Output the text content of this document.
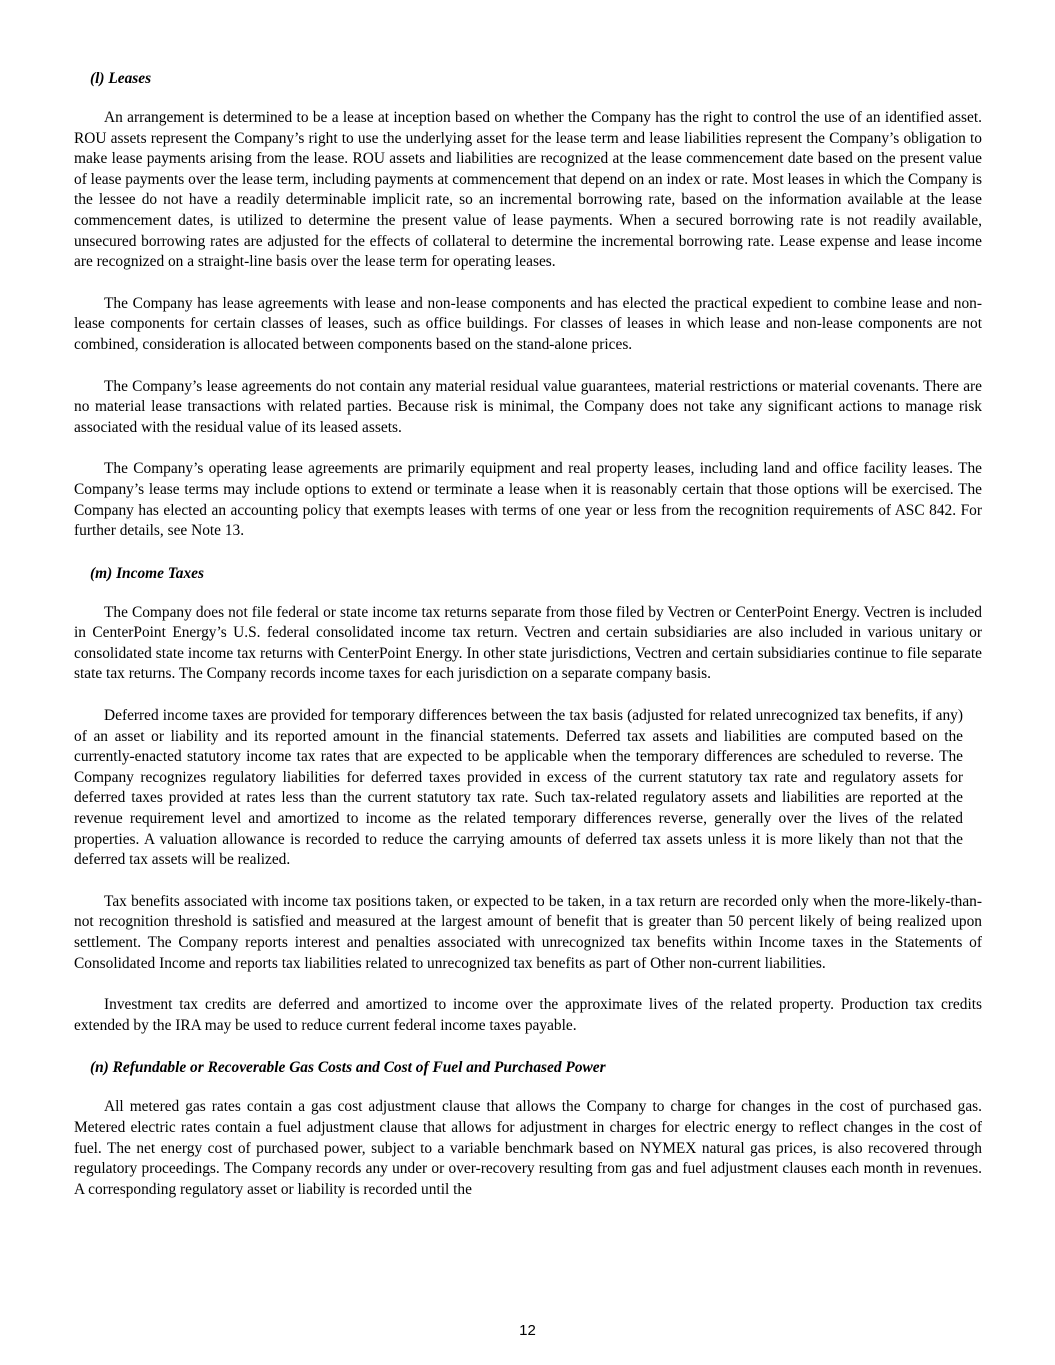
(l) Leases

An arrangement is determined to be a lease at inception based on whether the Company has the right to control the use of an identified asset. ROU assets represent the Company’s right to use the underlying asset for the lease term and lease liabilities represent the Company’s obligation to make lease payments arising from the lease. ROU assets and liabilities are recognized at the lease commencement date based on the present value of lease payments over the lease term, including payments at commencement that depend on an index or rate. Most leases in which the Company is the lessee do not have a readily determinable implicit rate, so an incremental borrowing rate, based on the information available at the lease commencement dates, is utilized to determine the present value of lease payments. When a secured borrowing rate is not readily available, unsecured borrowing rates are adjusted for the effects of collateral to determine the incremental borrowing rate. Lease expense and lease income are recognized on a straight-line basis over the lease term for operating leases.

The Company has lease agreements with lease and non-lease components and has elected the practical expedient to combine lease and non-lease components for certain classes of leases, such as office buildings. For classes of leases in which lease and non-lease components are not combined, consideration is allocated between components based on the stand-alone prices.

The Company’s lease agreements do not contain any material residual value guarantees, material restrictions or material covenants. There are no material lease transactions with related parties. Because risk is minimal, the Company does not take any significant actions to manage risk associated with the residual value of its leased assets.

The Company’s operating lease agreements are primarily equipment and real property leases, including land and office facility leases. The Company’s lease terms may include options to extend or terminate a lease when it is reasonably certain that those options will be exercised. The Company has elected an accounting policy that exempts leases with terms of one year or less from the recognition requirements of ASC 842. For further details, see Note 13.

(m) Income Taxes

The Company does not file federal or state income tax returns separate from those filed by Vectren or CenterPoint Energy. Vectren is included in CenterPoint Energy’s U.S. federal consolidated income tax return. Vectren and certain subsidiaries are also included in various unitary or consolidated state income tax returns with CenterPoint Energy. In other state jurisdictions, Vectren and certain subsidiaries continue to file separate state tax returns. The Company records income taxes for each jurisdiction on a separate company basis.

Deferred income taxes are provided for temporary differences between the tax basis (adjusted for related unrecognized tax benefits, if any) of an asset or liability and its reported amount in the financial statements. Deferred tax assets and liabilities are computed based on the currently-enacted statutory income tax rates that are expected to be applicable when the temporary differences are scheduled to reverse. The Company recognizes regulatory liabilities for deferred taxes provided in excess of the current statutory tax rate and regulatory assets for deferred taxes provided at rates less than the current statutory tax rate. Such tax-related regulatory assets and liabilities are reported at the revenue requirement level and amortized to income as the related temporary differences reverse, generally over the lives of the related properties. A valuation allowance is recorded to reduce the carrying amounts of deferred tax assets unless it is more likely than not that the deferred tax assets will be realized.

Tax benefits associated with income tax positions taken, or expected to be taken, in a tax return are recorded only when the more-likely-than-not recognition threshold is satisfied and measured at the largest amount of benefit that is greater than 50 percent likely of being realized upon settlement. The Company reports interest and penalties associated with unrecognized tax benefits within Income taxes in the Statements of Consolidated Income and reports tax liabilities related to unrecognized tax benefits as part of Other non-current liabilities.

Investment tax credits are deferred and amortized to income over the approximate lives of the related property. Production tax credits extended by the IRA may be used to reduce current federal income taxes payable.

(n) Refundable or Recoverable Gas Costs and Cost of Fuel and Purchased Power

All metered gas rates contain a gas cost adjustment clause that allows the Company to charge for changes in the cost of purchased gas. Metered electric rates contain a fuel adjustment clause that allows for adjustment in charges for electric energy to reflect changes in the cost of fuel. The net energy cost of purchased power, subject to a variable benchmark based on NYMEX natural gas prices, is also recovered through regulatory proceedings. The Company records any under or over-recovery resulting from gas and fuel adjustment clauses each month in revenues. A corresponding regulatory asset or liability is recorded until the

12
